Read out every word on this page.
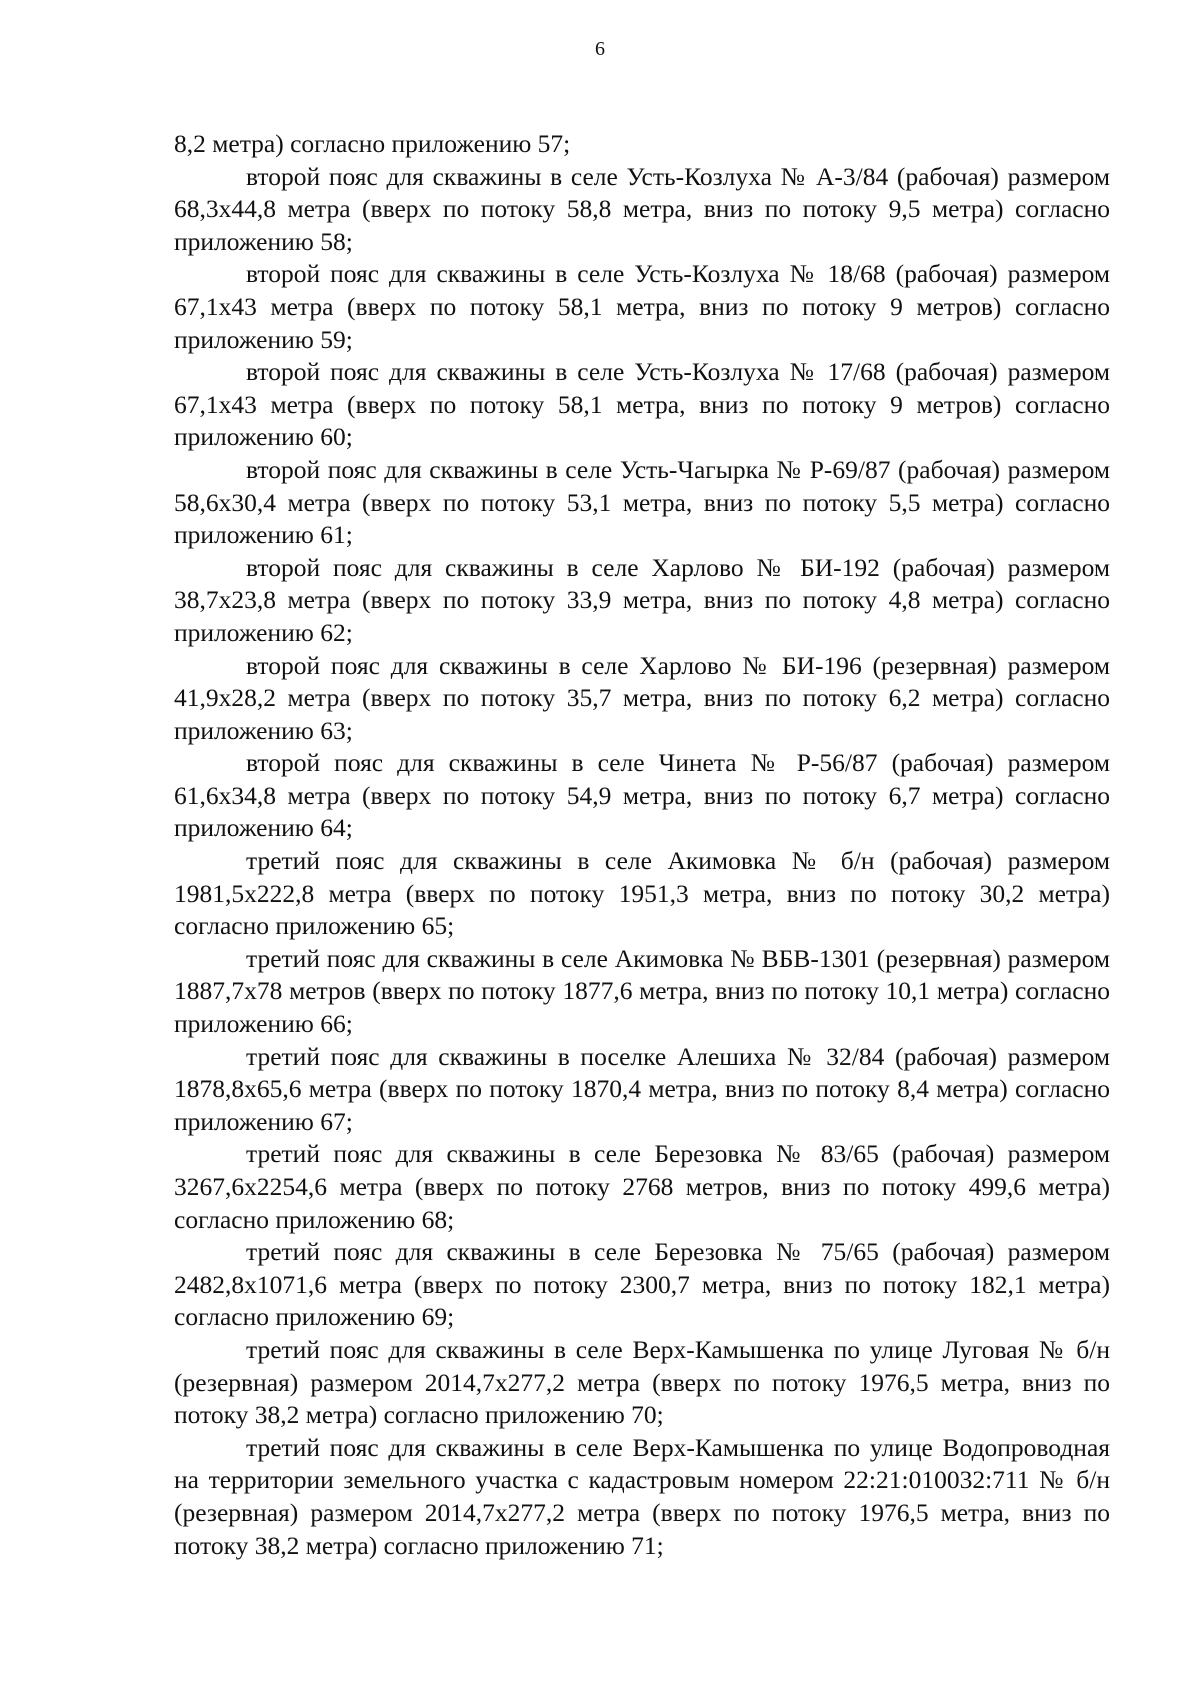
6

8,2 метра) согласно приложению 57;

второй пояс для скважины в селе Усть-Козлуха № А-3/84 (рабочая) размером 68,3х44,8 метра (вверх по потоку 58,8 метра, вниз по потоку 9,5 метра) согласно приложению 58;

второй пояс для скважины в селе Усть-Козлуха № 18/68 (рабочая) размером 67,1х43 метра (вверх по потоку 58,1 метра, вниз по потоку 9 метров) согласно приложению 59;

второй пояс для скважины в селе Усть-Козлуха № 17/68 (рабочая) размером 67,1х43 метра (вверх по потоку 58,1 метра, вниз по потоку 9 метров) согласно приложению 60;

второй пояс для скважины в селе Усть-Чагырка № Р-69/87 (рабочая) размером 58,6х30,4 метра (вверх по потоку 53,1 метра, вниз по потоку 5,5 метра) согласно приложению 61;

второй пояс для скважины в селе Харлово № БИ-192 (рабочая) размером 38,7х23,8 метра (вверх по потоку 33,9 метра, вниз по потоку 4,8 метра) согласно приложению 62;

второй пояс для скважины в селе Харлово № БИ-196 (резервная) размером 41,9х28,2 метра (вверх по потоку 35,7 метра, вниз по потоку 6,2 метра) согласно приложению 63;

второй пояс для скважины в селе Чинета № Р-56/87 (рабочая) размером 61,6х34,8 метра (вверх по потоку 54,9 метра, вниз по потоку 6,7 метра) согласно приложению 64;

третий пояс для скважины в селе Акимовка № б/н (рабочая) размером 1981,5х222,8 метра (вверх по потоку 1951,3 метра, вниз по потоку 30,2 метра) согласно приложению 65;

третий пояс для скважины в селе Акимовка № ВБВ-1301 (резервная) размером 1887,7х78 метров (вверх по потоку 1877,6 метра, вниз по потоку 10,1 метра) согласно приложению 66;

третий пояс для скважины в поселке Алешиха № 32/84 (рабочая) размером 1878,8х65,6 метра (вверх по потоку 1870,4 метра, вниз по потоку 8,4 метра) согласно приложению 67;

третий пояс для скважины в селе Березовка № 83/65 (рабочая) размером 3267,6х2254,6 метра (вверх по потоку 2768 метров, вниз по потоку 499,6 метра) согласно приложению 68;

третий пояс для скважины в селе Березовка № 75/65 (рабочая) размером 2482,8х1071,6 метра (вверх по потоку 2300,7 метра, вниз по потоку 182,1 метра) согласно приложению 69;

третий пояс для скважины в селе Верх-Камышенка по улице Луговая № б/н (резервная) размером 2014,7х277,2 метра (вверх по потоку 1976,5 метра, вниз по потоку 38,2 метра) согласно приложению 70;

третий пояс для скважины в селе Верх-Камышенка по улице Водопроводная на территории земельного участка с кадастровым номером 22:21:010032:711 № б/н (резервная) размером 2014,7х277,2 метра (вверх по потоку 1976,5 метра, вниз по потоку 38,2 метра) согласно приложению 71;
